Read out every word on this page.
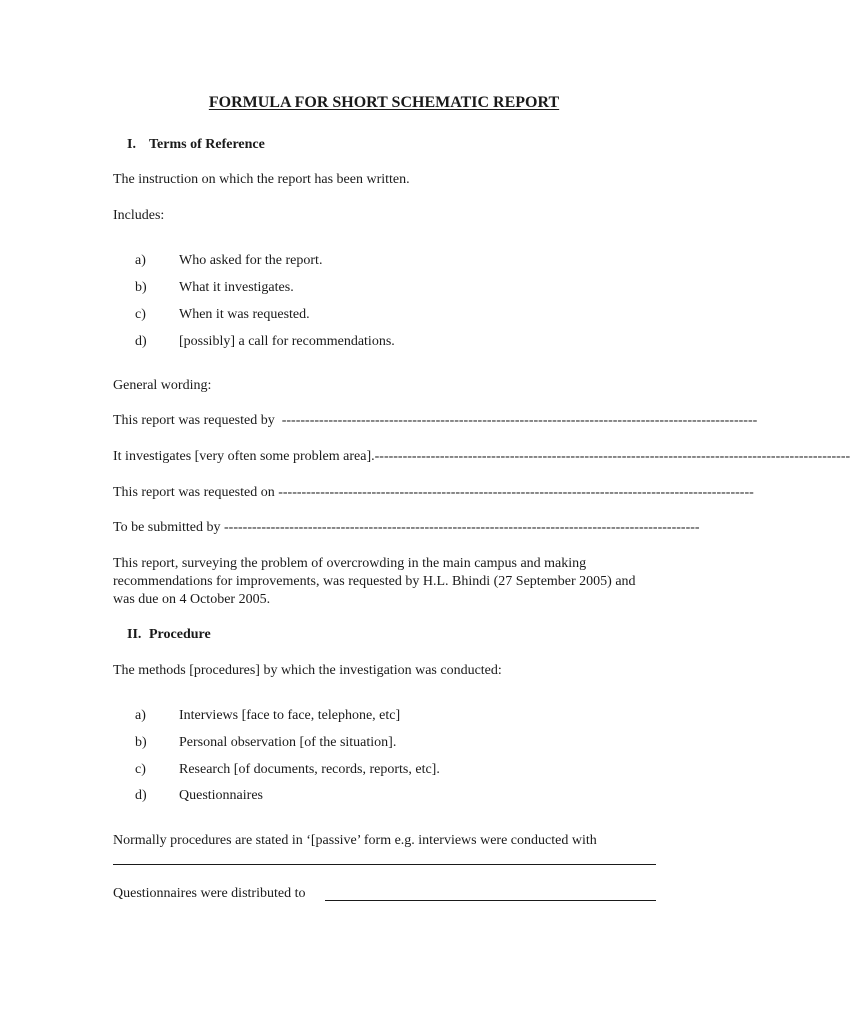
FORMULA FOR SHORT SCHEMATIC REPORT
I. Terms of Reference
The instruction on which the report has been written.
Includes:
a) Who asked for the report.
b) What it investigates.
c) When it was requested.
d) [possibly] a call for recommendations.
General wording:
This report was requested by ------------------------------------------------------------------------------------------------------
It investigates [very often some problem area]. ------------------------------------------------------------------------------------------------------
This report was requested on ------------------------------------------------------------------------------------------------------
To be submitted by ------------------------------------------------------------------------------------------------------
This report, surveying the problem of overcrowding in the main campus and making recommendations for improvements, was requested by H.L. Bhindi (27 September 2005) and was due on 4 October 2005.
II. Procedure
The methods [procedures] by which the investigation was conducted:
a) Interviews [face to face, telephone, etc]
b) Personal observation [of the situation].
c) Research [of documents, records, reports, etc].
d) Questionnaires
Normally procedures are stated in ‘[passive’ form e.g. interviews were conducted with
Questionnaires were distributed to
